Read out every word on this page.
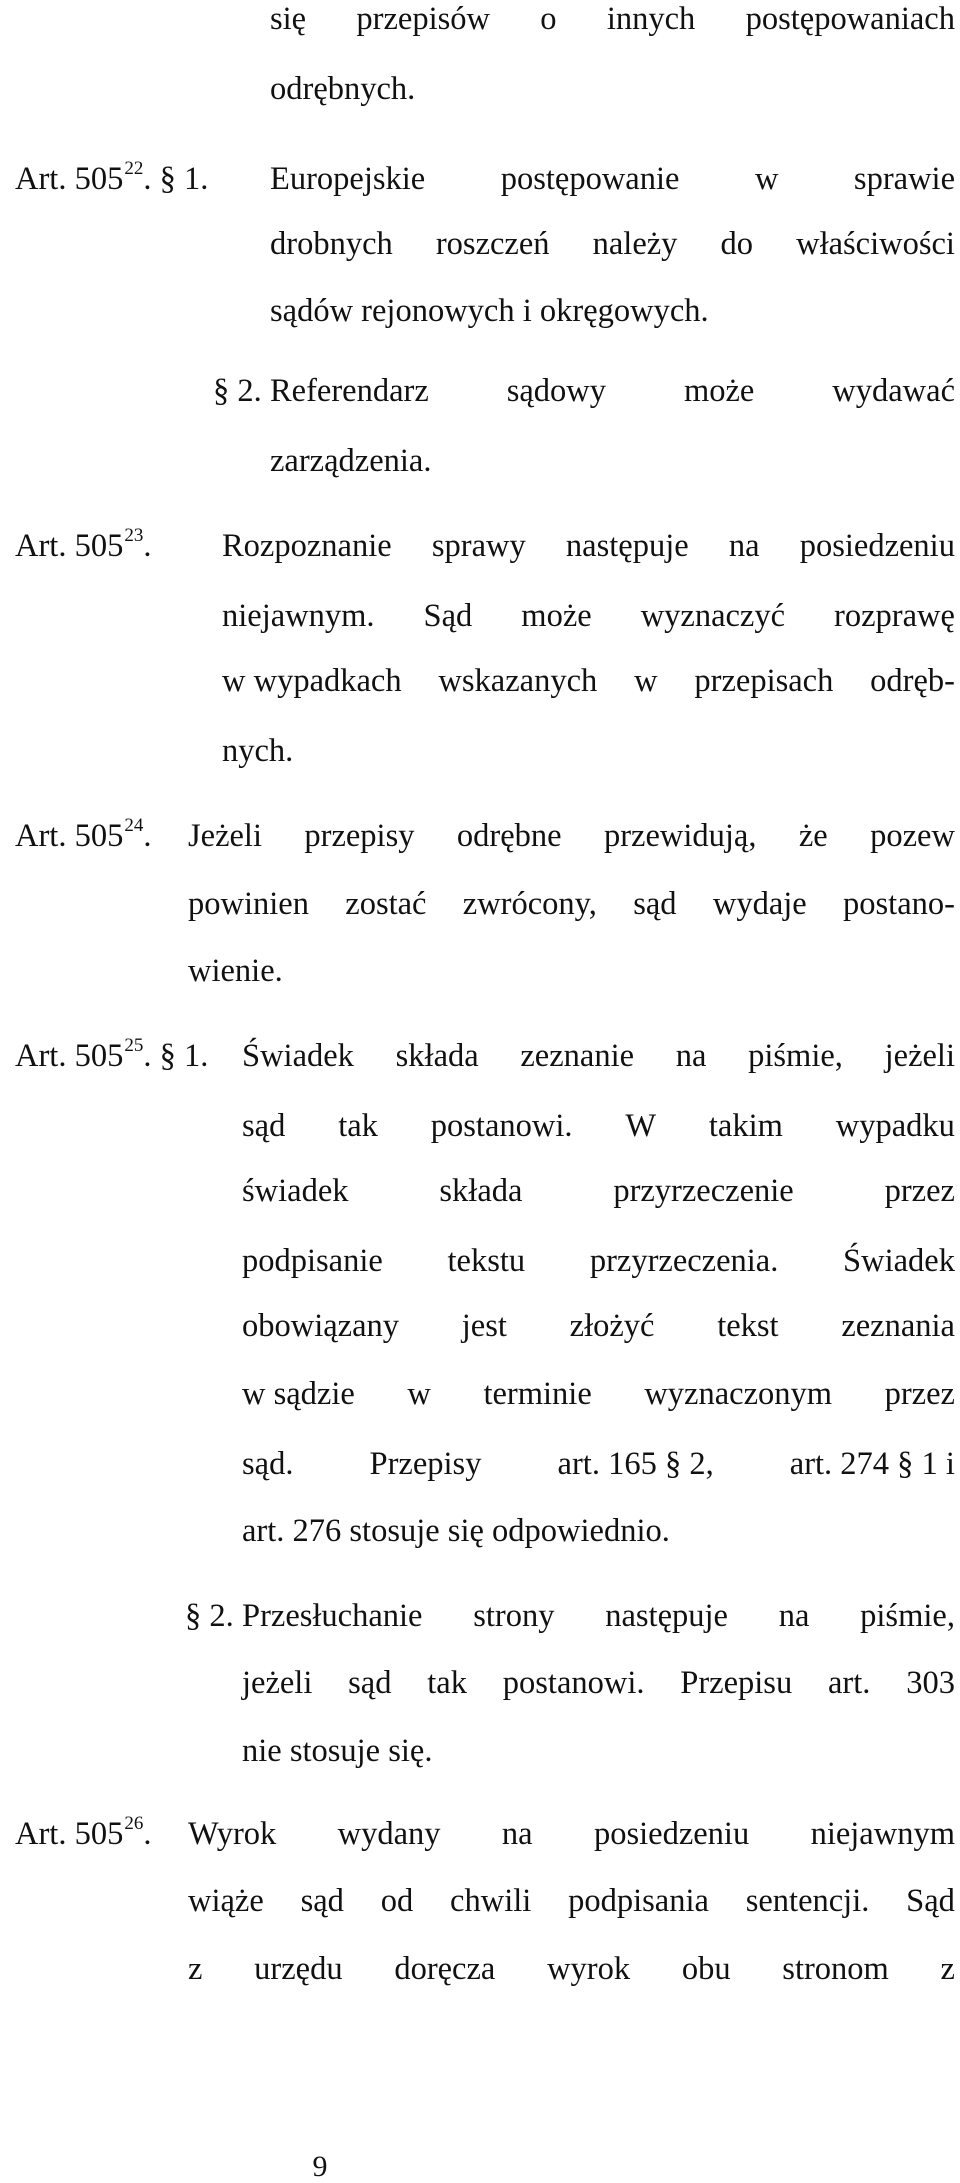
się przepisów o innych postępowaniach
odrębnych.
Art. $505^{22}$. § 1. Europejskie postępowanie w sprawie
drobnych roszczeń należy do właściwości
sądów rejonowych i okręgowych.
§ 2. Referendarz sądowy może wydawać
zarządzenia.
Art. $505^{23}$. Rozpoznanie sprawy następuje na posiedzeniu
niejawnym. Sąd może wyznaczyć rozprawę
w wypadkach wskazanych w przepisach odręb-
nych.
Art. $505^{24}$. Jeżeli przepisy odrębne przewidują, że pozew
powinien zostać zwrócony, sąd wydaje postano-
wienie.
Art. $505^{25}$. § 1. Świadek składa zeznanie na piśmie, jeżeli
sąd tak postanowi. W takim wypadku
świadek	składa	przyrzeczenie	przez
podpisanie tekstu przyrzeczenia. Świadek
obowiązany jest złożyć tekst zeznania
w sądzie w terminie wyznaczonym przez
sąd. Przepisy art. 165 § 2, art. 274 § 1 i
art. 276 stosuje się odpowiednio.
§ 2. Przesłuchanie strony następuje na piśmie,
jeżeli sąd tak postanowi. Przepisu art. 303
nie stosuje się.
Art. $505^{26}$. Wyrok wydany na posiedzeniu niejawnym
wiąże sąd od chwili podpisania sentencji. Sąd
z urzędu doręcza wyrok obu stronom z
9
